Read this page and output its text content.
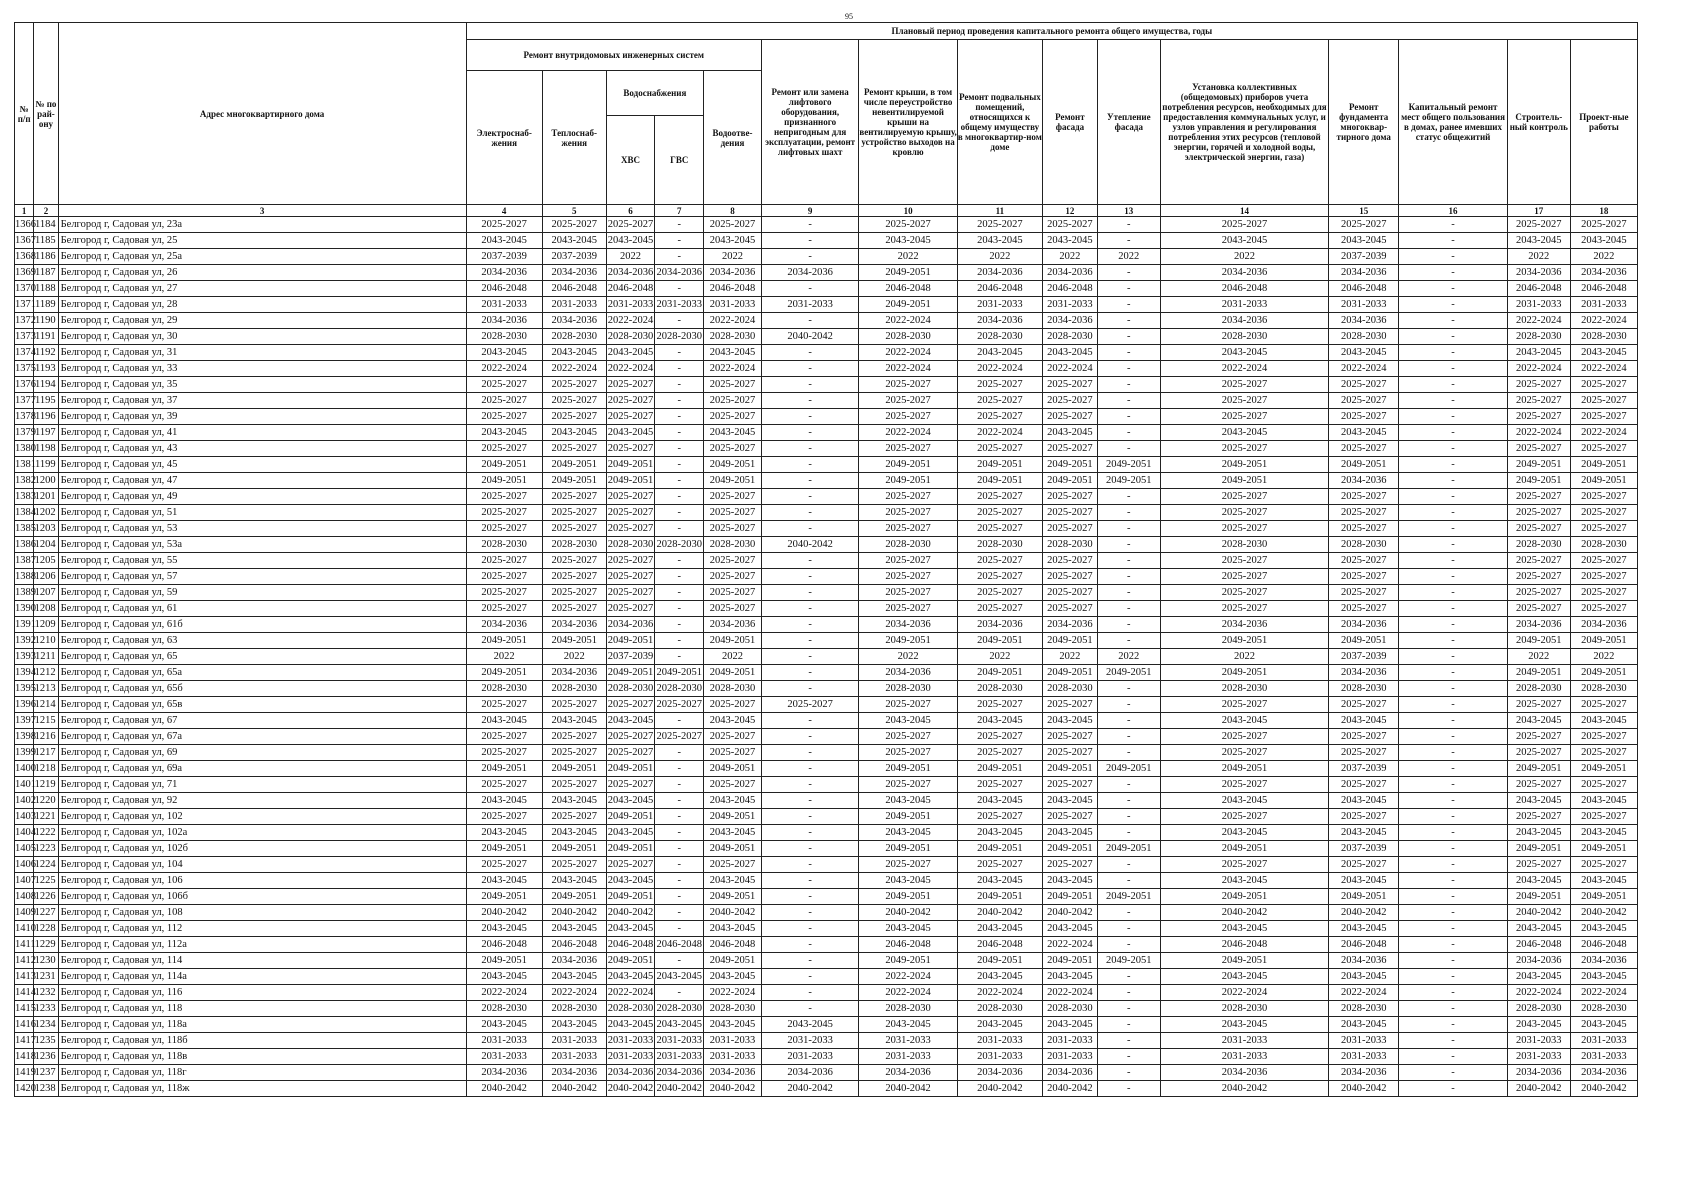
95
№ п/п	№ по рай-ону	Адрес многоквартирного дома	Плановый период проведения капитального ремонта общего имущества, годы														
			Ремонт внутридомовых инженерных систем					Ремонт или замена лифтового оборудования, признанного непригодным для эксплуатации, ремонт лифтовых шахт	Ремонт крыши, в том числе переустройство невентилируемой крыши на вентилируемую крышу, устройство выходов на кровлю	Ремонт подвальных помещений, относящихся к общему имуществу в многоквартир-ном доме	Ремонт фасада	Утепление фасада	Установка коллективных (общедомовых) приборов учета потребления ресурсов, необходимых для предоставления коммунальных услуг, и узлов управления и регулирования потребления этих ресурсов (тепловой энергии, горячей и холодной воды, электрической энергии, газа)	Ремонт фундамента многоквар-тирного дома	Капитальный ремонт мест общего пользования в домах, ранее имевших статус общежитий	Строитель-ный контроль	Проект-ные работы
			Электроснаб-жения	Теплоснаб-жения	Водоснабжения		Водоотве-дения										
					ХВС	ГВС											
1	2	3	4	5	6	7	8	9	10	11	12	13	14	15	16	17	18
1366	1184	Белгород г, Садовая ул, 23а	2025-2027	2025-2027	2025-2027	-	2025-2027	-	2025-2027	2025-2027	2025-2027	-	2025-2027	2025-2027	-	2025-2027	2025-2027
1367	1185	Белгород г, Садовая ул, 25	2043-2045	2043-2045	2043-2045	-	2043-2045	-	2043-2045	2043-2045	2043-2045	-	2043-2045	2043-2045	-	2043-2045	2043-2045
1368	1186	Белгород г, Садовая ул, 25а	2037-2039	2037-2039	2022	-	2022	-	2022	2022	2022	2022	2022	2037-2039	-	2022	2022
1369	1187	Белгород г, Садовая ул, 26	2034-2036	2034-2036	2034-2036	2034-2036	2034-2036	2034-2036	2049-2051	2034-2036	2034-2036	-	2034-2036	2034-2036	-	2034-2036	2034-2036
1370	1188	Белгород г, Садовая ул, 27	2046-2048	2046-2048	2046-2048	-	2046-2048	-	2046-2048	2046-2048	2046-2048	-	2046-2048	2046-2048	-	2046-2048	2046-2048
1371	1189	Белгород г, Садовая ул, 28	2031-2033	2031-2033	2031-2033	2031-2033	2031-2033	2031-2033	2049-2051	2031-2033	2031-2033	-	2031-2033	2031-2033	-	2031-2033	2031-2033
1372	1190	Белгород г, Садовая ул, 29	2034-2036	2034-2036	2022-2024	-	2022-2024	-	2022-2024	2034-2036	2034-2036	-	2034-2036	2034-2036	-	2022-2024	2022-2024
1373	1191	Белгород г, Садовая ул, 30	2028-2030	2028-2030	2028-2030	2028-2030	2028-2030	2040-2042	2028-2030	2028-2030	2028-2030	-	2028-2030	2028-2030	-	2028-2030	2028-2030
1374	1192	Белгород г, Садовая ул, 31	2043-2045	2043-2045	2043-2045	-	2043-2045	-	2022-2024	2043-2045	2043-2045	-	2043-2045	2043-2045	-	2043-2045	2043-2045
1375	1193	Белгород г, Садовая ул, 33	2022-2024	2022-2024	2022-2024	-	2022-2024	-	2022-2024	2022-2024	2022-2024	-	2022-2024	2022-2024	-	2022-2024	2022-2024
1376	1194	Белгород г, Садовая ул, 35	2025-2027	2025-2027	2025-2027	-	2025-2027	-	2025-2027	2025-2027	2025-2027	-	2025-2027	2025-2027	-	2025-2027	2025-2027
1377	1195	Белгород г, Садовая ул, 37	2025-2027	2025-2027	2025-2027	-	2025-2027	-	2025-2027	2025-2027	2025-2027	-	2025-2027	2025-2027	-	2025-2027	2025-2027
1378	1196	Белгород г, Садовая ул, 39	2025-2027	2025-2027	2025-2027	-	2025-2027	-	2025-2027	2025-2027	2025-2027	-	2025-2027	2025-2027	-	2025-2027	2025-2027
1379	1197	Белгород г, Садовая ул, 41	2043-2045	2043-2045	2043-2045	-	2043-2045	-	2022-2024	2022-2024	2043-2045	-	2043-2045	2043-2045	-	2022-2024	2022-2024
1380	1198	Белгород г, Садовая ул, 43	2025-2027	2025-2027	2025-2027	-	2025-2027	-	2025-2027	2025-2027	2025-2027	-	2025-2027	2025-2027	-	2025-2027	2025-2027
1381	1199	Белгород г, Садовая ул, 45	2049-2051	2049-2051	2049-2051	-	2049-2051	-	2049-2051	2049-2051	2049-2051	2049-2051	2049-2051	2049-2051	-	2049-2051	2049-2051
1382	1200	Белгород г, Садовая ул, 47	2049-2051	2049-2051	2049-2051	-	2049-2051	-	2049-2051	2049-2051	2049-2051	2049-2051	2049-2051	2034-2036	-	2049-2051	2049-2051
1383	1201	Белгород г, Садовая ул, 49	2025-2027	2025-2027	2025-2027	-	2025-2027	-	2025-2027	2025-2027	2025-2027	-	2025-2027	2025-2027	-	2025-2027	2025-2027
1384	1202	Белгород г, Садовая ул, 51	2025-2027	2025-2027	2025-2027	-	2025-2027	-	2025-2027	2025-2027	2025-2027	-	2025-2027	2025-2027	-	2025-2027	2025-2027
1385	1203	Белгород г, Садовая ул, 53	2025-2027	2025-2027	2025-2027	-	2025-2027	-	2025-2027	2025-2027	2025-2027	-	2025-2027	2025-2027	-	2025-2027	2025-2027
1386	1204	Белгород г, Садовая ул, 53а	2028-2030	2028-2030	2028-2030	2028-2030	2028-2030	2040-2042	2028-2030	2028-2030	2028-2030	-	2028-2030	2028-2030	-	2028-2030	2028-2030
1387	1205	Белгород г, Садовая ул, 55	2025-2027	2025-2027	2025-2027	-	2025-2027	-	2025-2027	2025-2027	2025-2027	-	2025-2027	2025-2027	-	2025-2027	2025-2027
1388	1206	Белгород г, Садовая ул, 57	2025-2027	2025-2027	2025-2027	-	2025-2027	-	2025-2027	2025-2027	2025-2027	-	2025-2027	2025-2027	-	2025-2027	2025-2027
1389	1207	Белгород г, Садовая ул, 59	2025-2027	2025-2027	2025-2027	-	2025-2027	-	2025-2027	2025-2027	2025-2027	-	2025-2027	2025-2027	-	2025-2027	2025-2027
1390	1208	Белгород г, Садовая ул, 61	2025-2027	2025-2027	2025-2027	-	2025-2027	-	2025-2027	2025-2027	2025-2027	-	2025-2027	2025-2027	-	2025-2027	2025-2027
1391	1209	Белгород г, Садовая ул, 61б	2034-2036	2034-2036	2034-2036	-	2034-2036	-	2034-2036	2034-2036	2034-2036	-	2034-2036	2034-2036	-	2034-2036	2034-2036
1392	1210	Белгород г, Садовая ул, 63	2049-2051	2049-2051	2049-2051	-	2049-2051	-	2049-2051	2049-2051	2049-2051	-	2049-2051	2049-2051	-	2049-2051	2049-2051
1393	1211	Белгород г, Садовая ул, 65	2022	2022	2037-2039	-	2022	-	2022	2022	2022	2022	2022	2037-2039	-	2022	2022
1394	1212	Белгород г, Садовая ул, 65а	2049-2051	2034-2036	2049-2051	2049-2051	2049-2051	-	2034-2036	2049-2051	2049-2051	2049-2051	2049-2051	2034-2036	-	2049-2051	2049-2051
1395	1213	Белгород г, Садовая ул, 65б	2028-2030	2028-2030	2028-2030	2028-2030	2028-2030	-	2028-2030	2028-2030	2028-2030	-	2028-2030	2028-2030	-	2028-2030	2028-2030
1396	1214	Белгород г, Садовая ул, 65в	2025-2027	2025-2027	2025-2027	2025-2027	2025-2027	2025-2027	2025-2027	2025-2027	2025-2027	-	2025-2027	2025-2027	-	2025-2027	2025-2027
1397	1215	Белгород г, Садовая ул, 67	2043-2045	2043-2045	2043-2045	-	2043-2045	-	2043-2045	2043-2045	2043-2045	-	2043-2045	2043-2045	-	2043-2045	2043-2045
1398	1216	Белгород г, Садовая ул, 67а	2025-2027	2025-2027	2025-2027	2025-2027	2025-2027	-	2025-2027	2025-2027	2025-2027	-	2025-2027	2025-2027	-	2025-2027	2025-2027
1399	1217	Белгород г, Садовая ул, 69	2025-2027	2025-2027	2025-2027	-	2025-2027	-	2025-2027	2025-2027	2025-2027	-	2025-2027	2025-2027	-	2025-2027	2025-2027
1400	1218	Белгород г, Садовая ул, 69а	2049-2051	2049-2051	2049-2051	-	2049-2051	-	2049-2051	2049-2051	2049-2051	2049-2051	2049-2051	2037-2039	-	2049-2051	2049-2051
1401	1219	Белгород г, Садовая ул, 71	2025-2027	2025-2027	2025-2027	-	2025-2027	-	2025-2027	2025-2027	2025-2027	-	2025-2027	2025-2027	-	2025-2027	2025-2027
1402	1220	Белгород г, Садовая ул, 92	2043-2045	2043-2045	2043-2045	-	2043-2045	-	2043-2045	2043-2045	2043-2045	-	2043-2045	2043-2045	-	2043-2045	2043-2045
1403	1221	Белгород г, Садовая ул, 102	2025-2027	2025-2027	2049-2051	-	2049-2051	-	2049-2051	2025-2027	2025-2027	-	2025-2027	2025-2027	-	2025-2027	2025-2027
1404	1222	Белгород г, Садовая ул, 102а	2043-2045	2043-2045	2043-2045	-	2043-2045	-	2043-2045	2043-2045	2043-2045	-	2043-2045	2043-2045	-	2043-2045	2043-2045
1405	1223	Белгород г, Садовая ул, 102б	2049-2051	2049-2051	2049-2051	-	2049-2051	-	2049-2051	2049-2051	2049-2051	2049-2051	2049-2051	2037-2039	-	2049-2051	2049-2051
1406	1224	Белгород г, Садовая ул, 104	2025-2027	2025-2027	2025-2027	-	2025-2027	-	2025-2027	2025-2027	2025-2027	-	2025-2027	2025-2027	-	2025-2027	2025-2027
1407	1225	Белгород г, Садовая ул, 106	2043-2045	2043-2045	2043-2045	-	2043-2045	-	2043-2045	2043-2045	2043-2045	-	2043-2045	2043-2045	-	2043-2045	2043-2045
1408	1226	Белгород г, Садовая ул, 106б	2049-2051	2049-2051	2049-2051	-	2049-2051	-	2049-2051	2049-2051	2049-2051	2049-2051	2049-2051	2049-2051	-	2049-2051	2049-2051
1409	1227	Белгород г, Садовая ул, 108	2040-2042	2040-2042	2040-2042	-	2040-2042	-	2040-2042	2040-2042	2040-2042	-	2040-2042	2040-2042	-	2040-2042	2040-2042
1410	1228	Белгород г, Садовая ул, 112	2043-2045	2043-2045	2043-2045	-	2043-2045	-	2043-2045	2043-2045	2043-2045	-	2043-2045	2043-2045	-	2043-2045	2043-2045
1411	1229	Белгород г, Садовая ул, 112а	2046-2048	2046-2048	2046-2048	2046-2048	2046-2048	-	2046-2048	2046-2048	2022-2024	-	2046-2048	2046-2048	-	2046-2048	2046-2048
1412	1230	Белгород г, Садовая ул, 114	2049-2051	2034-2036	2049-2051	-	2049-2051	-	2049-2051	2049-2051	2049-2051	2049-2051	2049-2051	2034-2036	-	2034-2036	2034-2036
1413	1231	Белгород г, Садовая ул, 114а	2043-2045	2043-2045	2043-2045	2043-2045	2043-2045	-	2022-2024	2043-2045	2043-2045	-	2043-2045	2043-2045	-	2043-2045	2043-2045
1414	1232	Белгород г, Садовая ул, 116	2022-2024	2022-2024	2022-2024	-	2022-2024	-	2022-2024	2022-2024	2022-2024	-	2022-2024	2022-2024	-	2022-2024	2022-2024
1415	1233	Белгород г, Садовая ул, 118	2028-2030	2028-2030	2028-2030	2028-2030	2028-2030	-	2028-2030	2028-2030	2028-2030	-	2028-2030	2028-2030	-	2028-2030	2028-2030
1416	1234	Белгород г, Садовая ул, 118а	2043-2045	2043-2045	2043-2045	2043-2045	2043-2045	2043-2045	2043-2045	2043-2045	2043-2045	-	2043-2045	2043-2045	-	2043-2045	2043-2045
1417	1235	Белгород г, Садовая ул, 118б	2031-2033	2031-2033	2031-2033	2031-2033	2031-2033	2031-2033	2031-2033	2031-2033	2031-2033	-	2031-2033	2031-2033	-	2031-2033	2031-2033
1418	1236	Белгород г, Садовая ул, 118в	2031-2033	2031-2033	2031-2033	2031-2033	2031-2033	2031-2033	2031-2033	2031-2033	2031-2033	-	2031-2033	2031-2033	-	2031-2033	2031-2033
1419	1237	Белгород г, Садовая ул, 118г	2034-2036	2034-2036	2034-2036	2034-2036	2034-2036	2034-2036	2034-2036	2034-2036	2034-2036	-	2034-2036	2034-2036	-	2034-2036	2034-2036
1420	1238	Белгород г, Садовая ул, 118ж	2040-2042	2040-2042	2040-2042	2040-2042	2040-2042	2040-2042	2040-2042	2040-2042	2040-2042	-	2040-2042	2040-2042	-	2040-2042	2040-2042
